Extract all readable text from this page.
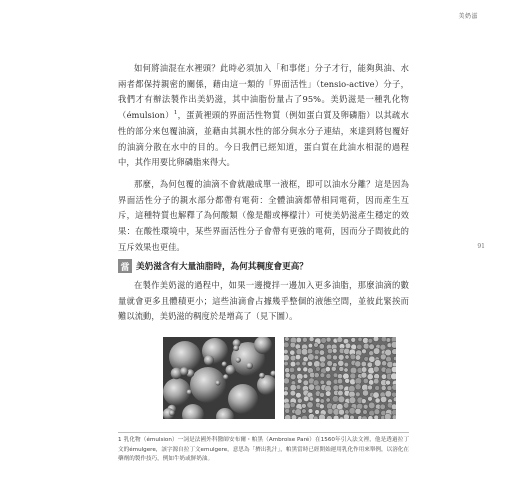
美奶滋
91

如何將油混在水裡頭？此時必須加入「和事佬」分子才行，能夠與油、水兩者都保持親密的關係，藉由這一類的「界面活性」（tensio-active）分子，我們才有辦法製作出美奶滋，其中油脂份量占了95%。美奶滋是一種乳化物（émulsion）$^1$，蛋黃裡頭的界面活性物質（例如蛋白質及卵磷脂）以其疏水性的部分來包覆油滴，並藉由其親水性的部分與水分子連結，來達到將包覆好的油滴分散在水中的目的。今日我們已經知道，蛋白質在此油水相混的過程中，其作用要比卵磷脂來得大。

那麼，為何包覆的油滴不會就融成單一液框，即可以油水分離？這是因為界面活性分子的親水部分都帶有電荷：全體油滴都帶相同電荷，因而產生互斥，這種特質也解釋了為何酸類（像是醋或檸檬汁）可使美奶滋產生穩定的效果：在酸性環境中，某些界面活性分子會帶有更強的電荷，因而分子間彼此的互斥效果也更佳。

當 美奶滋含有大量油脂時，為何其稠度會更高？

在製作美奶滋的過程中，如果一邊攪拌一邊加入更多油脂，那麼油滴的數量就會更多且體積更小；這些油滴會占據幾乎整個的液態空間，並彼此緊挨而難以流動，美奶滋的稠度於是增高了（見下圖）。

1 乳化物（émulsion）一詞是法國外科醫師安布爾・帕黑（Ambroise Paré）在1560年引入法文裡，他是透過拉丁文的émulgere，該字源自拉丁文emulgere，意思為「擠出乳汁」，帕黑當時已經開始運用乳化作用來舉例，以溶化在藥劑的製作技巧，例如牛奶或鮮奶油。
